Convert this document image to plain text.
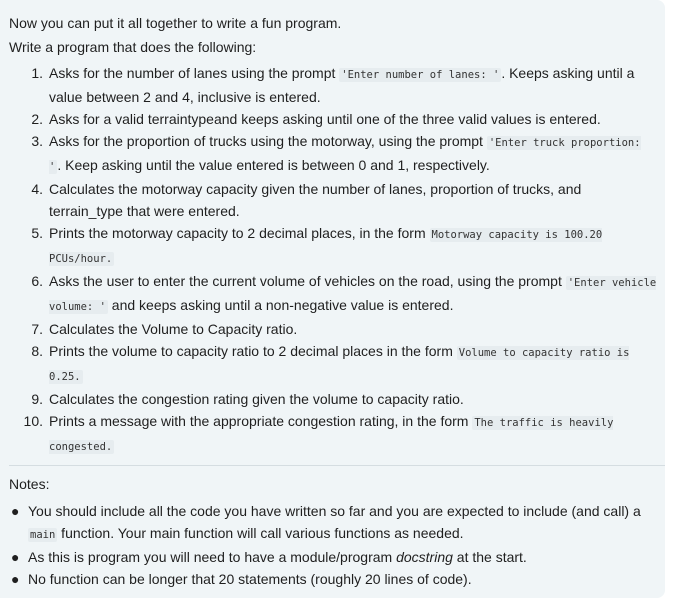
Now you can put it all together to write a fun program.

Write a program that does the following:

1. Asks for the number of lanes using the prompt 'Enter number of lanes: ' . Keeps asking until a value between 2 and 4, inclusive is entered.
2. Asks for a valid terraintypeand keeps asking until one of the three valid values is entered.
3. Asks for the proportion of trucks using the motorway, using the prompt 'Enter truck proportion: ' . Keep asking until the value entered is between 0 and 1, respectively.
4. Calculates the motorway capacity given the number of lanes, proportion of trucks, and terrain_type that were entered.
5. Prints the motorway capacity to 2 decimal places, in the form Motorway capacity is 100.20 PCUs/hour.
6. Asks the user to enter the current volume of vehicles on the road, using the prompt 'Enter vehicle volume: ' and keeps asking until a non-negative value is entered.
7. Calculates the Volume to Capacity ratio.
8. Prints the volume to capacity ratio to 2 decimal places in the form Volume to capacity ratio is 0.25.
9. Calculates the congestion rating given the volume to capacity ratio.
10. Prints a message with the appropriate congestion rating, in the form The traffic is heavily congested.

Notes:

● You should include all the code you have written so far and you are expected to include (and call) a main function. Your main function will call various functions as needed.
● As this is program you will need to have a module/program docstring at the start.
● No function can be longer that 20 statements (roughly 20 lines of code).
